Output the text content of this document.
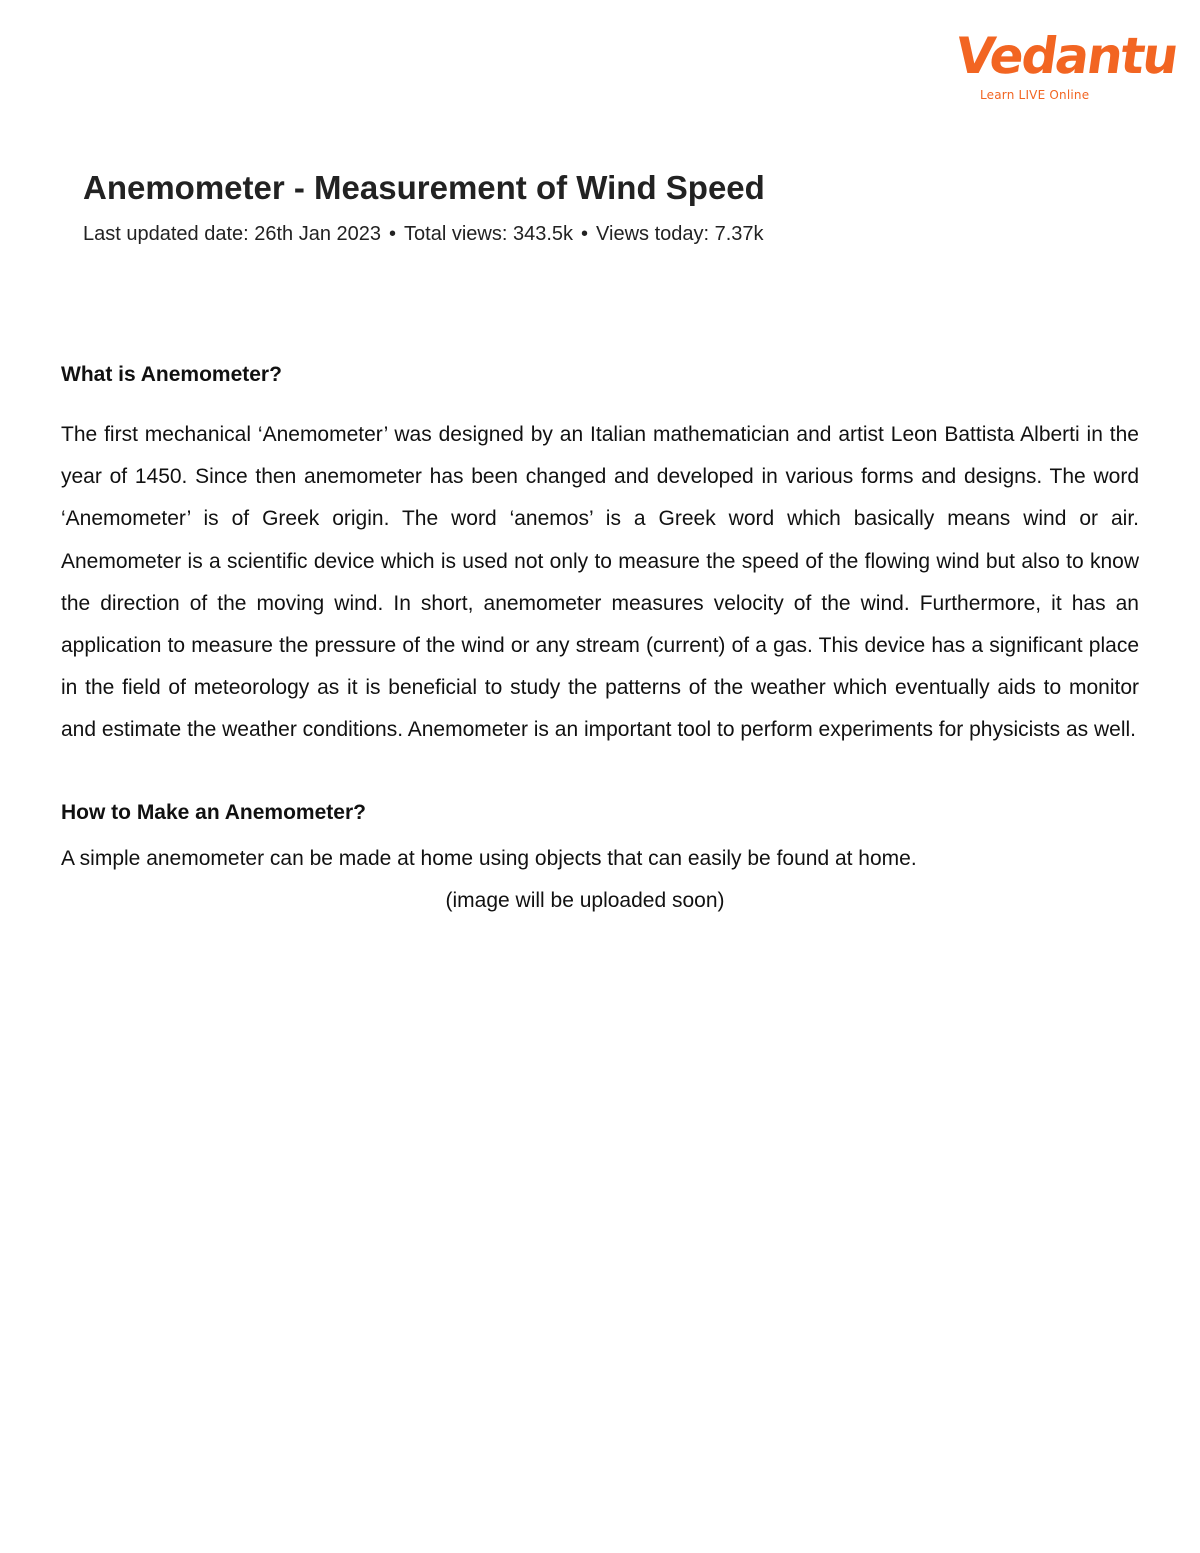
Vedantu
Learn LIVE Online
Anemometer - Measurement of Wind Speed
Last updated date: 26th Jan 2023 • Total views: 343.5k • Views today: 7.37k
What is Anemometer?

The first mechanical ‘Anemometer’ was designed by an Italian mathematician and artist Leon Battista Alberti in the year of 1450. Since then anemometer has been changed and developed in various forms and designs. The word ‘Anemometer’ is of Greek origin. The word ‘anemos’ is a Greek word which basically means wind or air. Anemometer is a scientific device which is used not only to measure the speed of the flowing wind but also to know the direction of the moving wind. In short, anemometer measures velocity of the wind. Furthermore, it has an application to measure the pressure of the wind or any stream (current) of a gas. This device has a significant place in the field of meteorology as it is beneficial to study the patterns of the weather which eventually aids to monitor and estimate the weather conditions. Anemometer is an important tool to perform experiments for physicists as well.

How to Make an Anemometer?

A simple anemometer can be made at home using objects that can easily be found at home.

(image will be uploaded soon)
